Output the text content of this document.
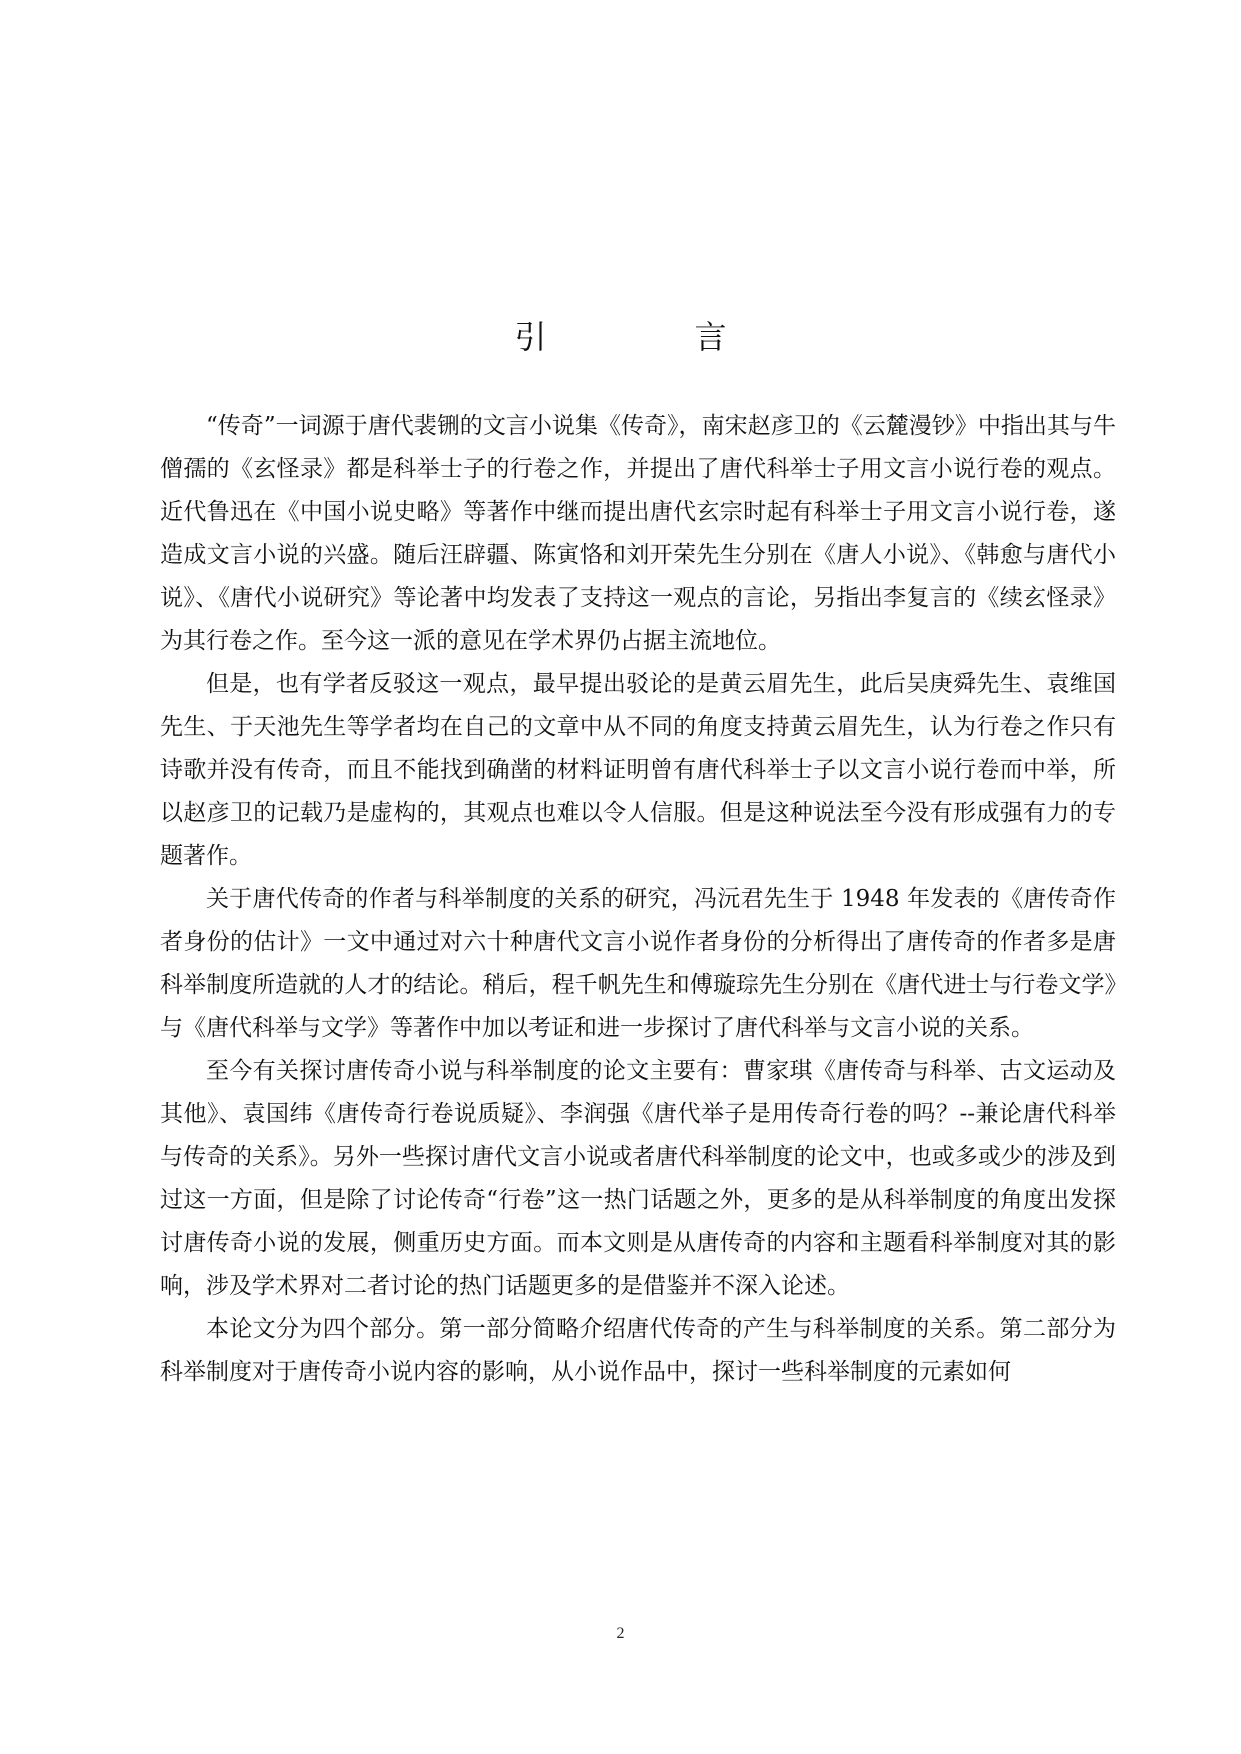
引　言

“传奇”一词源于唐代裴铏的文言小说集《传奇》，南宋赵彦卫的《云麓漫钞》中指出其与牛僧孺的《玄怪录》都是科举士子的行卷之作，并提出了唐代科举士子用文言小说行卷的观点。近代鲁迅在《中国小说史略》等著作中继而提出唐代玄宗时起有科举士子用文言小说行卷，遂造成文言小说的兴盛。随后汪辟疆、陈寅恪和刘开荣先生分别在《唐人小说》、《韩愈与唐代小说》、《唐代小说研究》等论著中均发表了支持这一观点的言论，另指出李复言的《续玄怪录》为其行卷之作。至今这一派的意见在学术界仍占据主流地位。

但是，也有学者反驳这一观点，最早提出驳论的是黄云眉先生，此后吴庚舜先生、袁维国先生、于天池先生等学者均在自己的文章中从不同的角度支持黄云眉先生，认为行卷之作只有诗歌并没有传奇，而且不能找到确凿的材料证明曾有唐代科举士子以文言小说行卷而中举，所以赵彦卫的记载乃是虚构的，其观点也难以令人信服。但是这种说法至今没有形成强有力的专题著作。

关于唐代传奇的作者与科举制度的关系的研究，冯沅君先生于 1948 年发表的《唐传奇作者身份的估计》一文中通过对六十种唐代文言小说作者身份的分析得出了唐传奇的作者多是唐科举制度所造就的人才的结论。稍后，程千帆先生和傅璇琮先生分别在《唐代进士与行卷文学》与《唐代科举与文学》等著作中加以考证和进一步探讨了唐代科举与文言小说的关系。

至今有关探讨唐传奇小说与科举制度的论文主要有：曹家琪《唐传奇与科举、古文运动及其他》、袁国纬《唐传奇行卷说质疑》、李润强《唐代举子是用传奇行卷的吗？--兼论唐代科举与传奇的关系》。另外一些探讨唐代文言小说或者唐代科举制度的论文中，也或多或少的涉及到过这一方面，但是除了讨论传奇“行卷”这一热门话题之外，更多的是从科举制度的角度出发探讨唐传奇小说的发展，侧重历史方面。而本文则是从唐传奇的内容和主题看科举制度对其的影响，涉及学术界对二者讨论的热门话题更多的是借鉴并不深入论述。

本论文分为四个部分。第一部分简略介绍唐代传奇的产生与科举制度的关系。第二部分为科举制度对于唐传奇小说内容的影响，从小说作品中，探讨一些科举制度的元素如何

2
